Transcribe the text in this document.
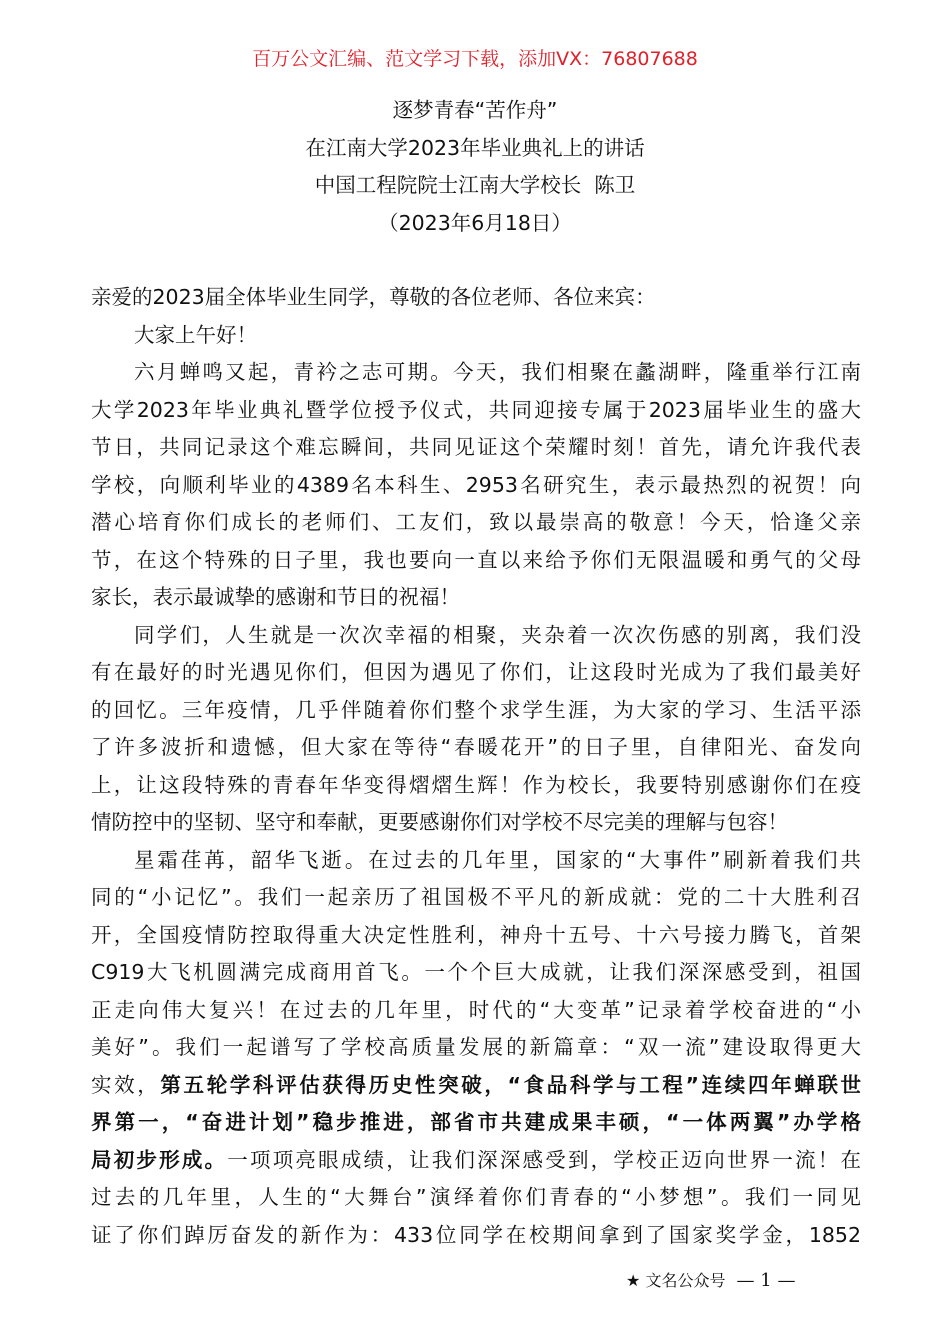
百万公文汇编、范文学习下载，添加VX：76807688
逐梦青春“苦作舟”
在江南大学2023年毕业典礼上的讲话
中国工程院院士江南大学校长  陈卫
（2023年6月18日）
亲爱的2023届全体毕业生同学，尊敬的各位老师、各位来宾：
大家上午好！
六月蝉鸣又起，青衿之志可期。今天，我们相聚在蠡湖畔，隆重举行江南
大学2023年毕业典礼暨学位授予仪式，共同迎接专属于2023届毕业生的盛大
节日，共同记录这个难忘瞬间，共同见证这个荣耀时刻！首先，请允许我代表
学校，向顺利毕业的4389名本科生、2953名研究生，表示最热烈的祝贺！向
潜心培育你们成长的老师们、工友们，致以最崇高的敬意！今天，恰逢父亲
节，在这个特殊的日子里，我也要向一直以来给予你们无限温暖和勇气的父母
家长，表示最诚挚的感谢和节日的祝福！
同学们，人生就是一次次幸福的相聚，夹杂着一次次伤感的别离，我们没
有在最好的时光遇见你们，但因为遇见了你们，让这段时光成为了我们最美好
的回忆。三年疫情，几乎伴随着你们整个求学生涯，为大家的学习、生活平添
了许多波折和遗憾，但大家在等待“春暖花开”的日子里，自律阳光、奋发向
上，让这段特殊的青春年华变得熠熠生辉！作为校长，我要特别感谢你们在疫
情防控中的坚韧、坚守和奉献，更要感谢你们对学校不尽完美的理解与包容！
星霜荏苒，韶华飞逝。在过去的几年里，国家的“大事件”刷新着我们共
同的“小记忆”。我们一起亲历了祖国极不平凡的新成就：党的二十大胜利召
开，全国疫情防控取得重大决定性胜利，神舟十五号、十六号接力腾飞，首架
C919大飞机圆满完成商用首飞。一个个巨大成就，让我们深深感受到，祖国
正走向伟大复兴！在过去的几年里，时代的“大变革”记录着学校奋进的“小
美好”。我们一起谱写了学校高质量发展的新篇章：“双一流”建设取得更大
实效，第五轮学科评估获得历史性突破，“食品科学与工程”连续四年蝉联世
界第一，“奋进计划”稳步推进，部省市共建成果丰硕，“一体两翼”办学格
局初步形成。一项项亮眼成绩，让我们深深感受到，学校正迈向世界一流！在
过去的几年里，人生的“大舞台”演绎着你们青春的“小梦想”。我们一同见
证了你们踔厉奋发的新作为：433位同学在校期间拿到了国家奖学金，1852
★ 文名公众号 — 1 —
